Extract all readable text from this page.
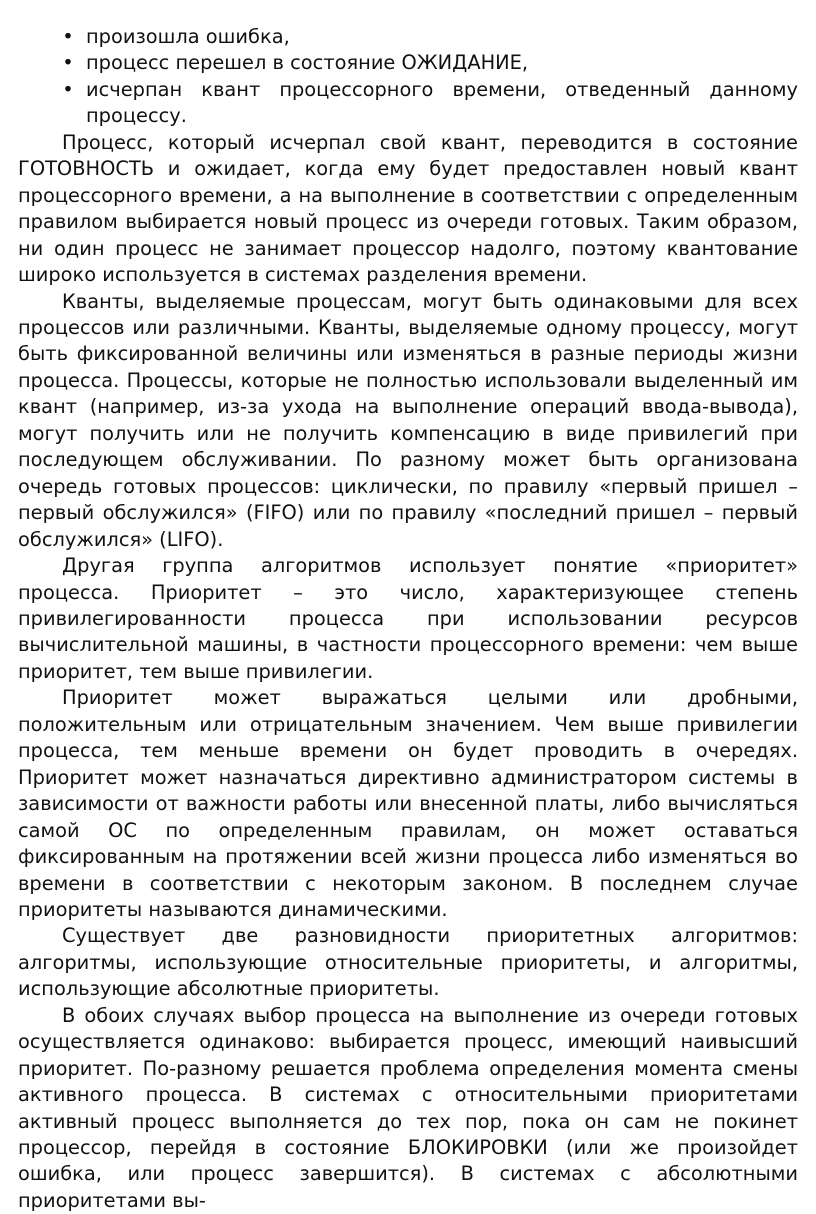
• произошла ошибка,
• процесс перешел в состояние ОЖИДАНИЕ,
• исчерпан квант процессорного времени, отведенный данному процессу.

Процесс, который исчерпал свой квант, переводится в состояние ГОТОВНОСТЬ и ожидает, когда ему будет предоставлен новый квант процессорного времени, а на выполнение в соответствии с определенным правилом выбирается новый процесс из очереди готовых. Таким образом, ни один процесс не занимает процессор надолго, поэтому квантование широко используется в системах разделения времени.

Кванты, выделяемые процессам, могут быть одинаковыми для всех процессов или различными. Кванты, выделяемые одному процессу, могут быть фиксированной величины или изменяться в разные периоды жизни процесса. Процессы, которые не полностью использовали выделенный им квант (например, из-за ухода на выполнение операций ввода-вывода), могут получить или не получить компенсацию в виде привилегий при последующем обслуживании. По разному может быть организована очередь готовых процессов: циклически, по правилу «первый пришел – первый обслужился» (FIFO) или по правилу «последний пришел – первый обслужился» (LIFO).

Другая группа алгоритмов использует понятие «приоритет» процесса. Приоритет – это число, характеризующее степень привилегированности процесса при использовании ресурсов вычислительной машины, в частности процессорного времени: чем выше приоритет, тем выше привилегии.

Приоритет может выражаться целыми или дробными, положительным или отрицательным значением. Чем выше привилегии процесса, тем меньше времени он будет проводить в очередях. Приоритет может назначаться директивно администратором системы в зависимости от важности работы или внесенной платы, либо вычисляться самой ОС по определенным правилам, он может оставаться фиксированным на протяжении всей жизни процесса либо изменяться во времени в соответствии с некоторым законом. В последнем случае приоритеты называются динамическими.

Существует две разновидности приоритетных алгоритмов: алгоритмы, использующие относительные приоритеты, и алгоритмы, использующие абсолютные приоритеты.

В обоих случаях выбор процесса на выполнение из очереди готовых осуществляется одинаково: выбирается процесс, имеющий наивысший приоритет. По-разному решается проблема определения момента смены активного процесса. В системах с относительными приоритетами активный процесс выполняется до тех пор, пока он сам не покинет процессор, перейдя в состояние БЛОКИРОВКИ (или же произойдет ошибка, или процесс завершится). В системах с абсолютными приоритетами вы-
